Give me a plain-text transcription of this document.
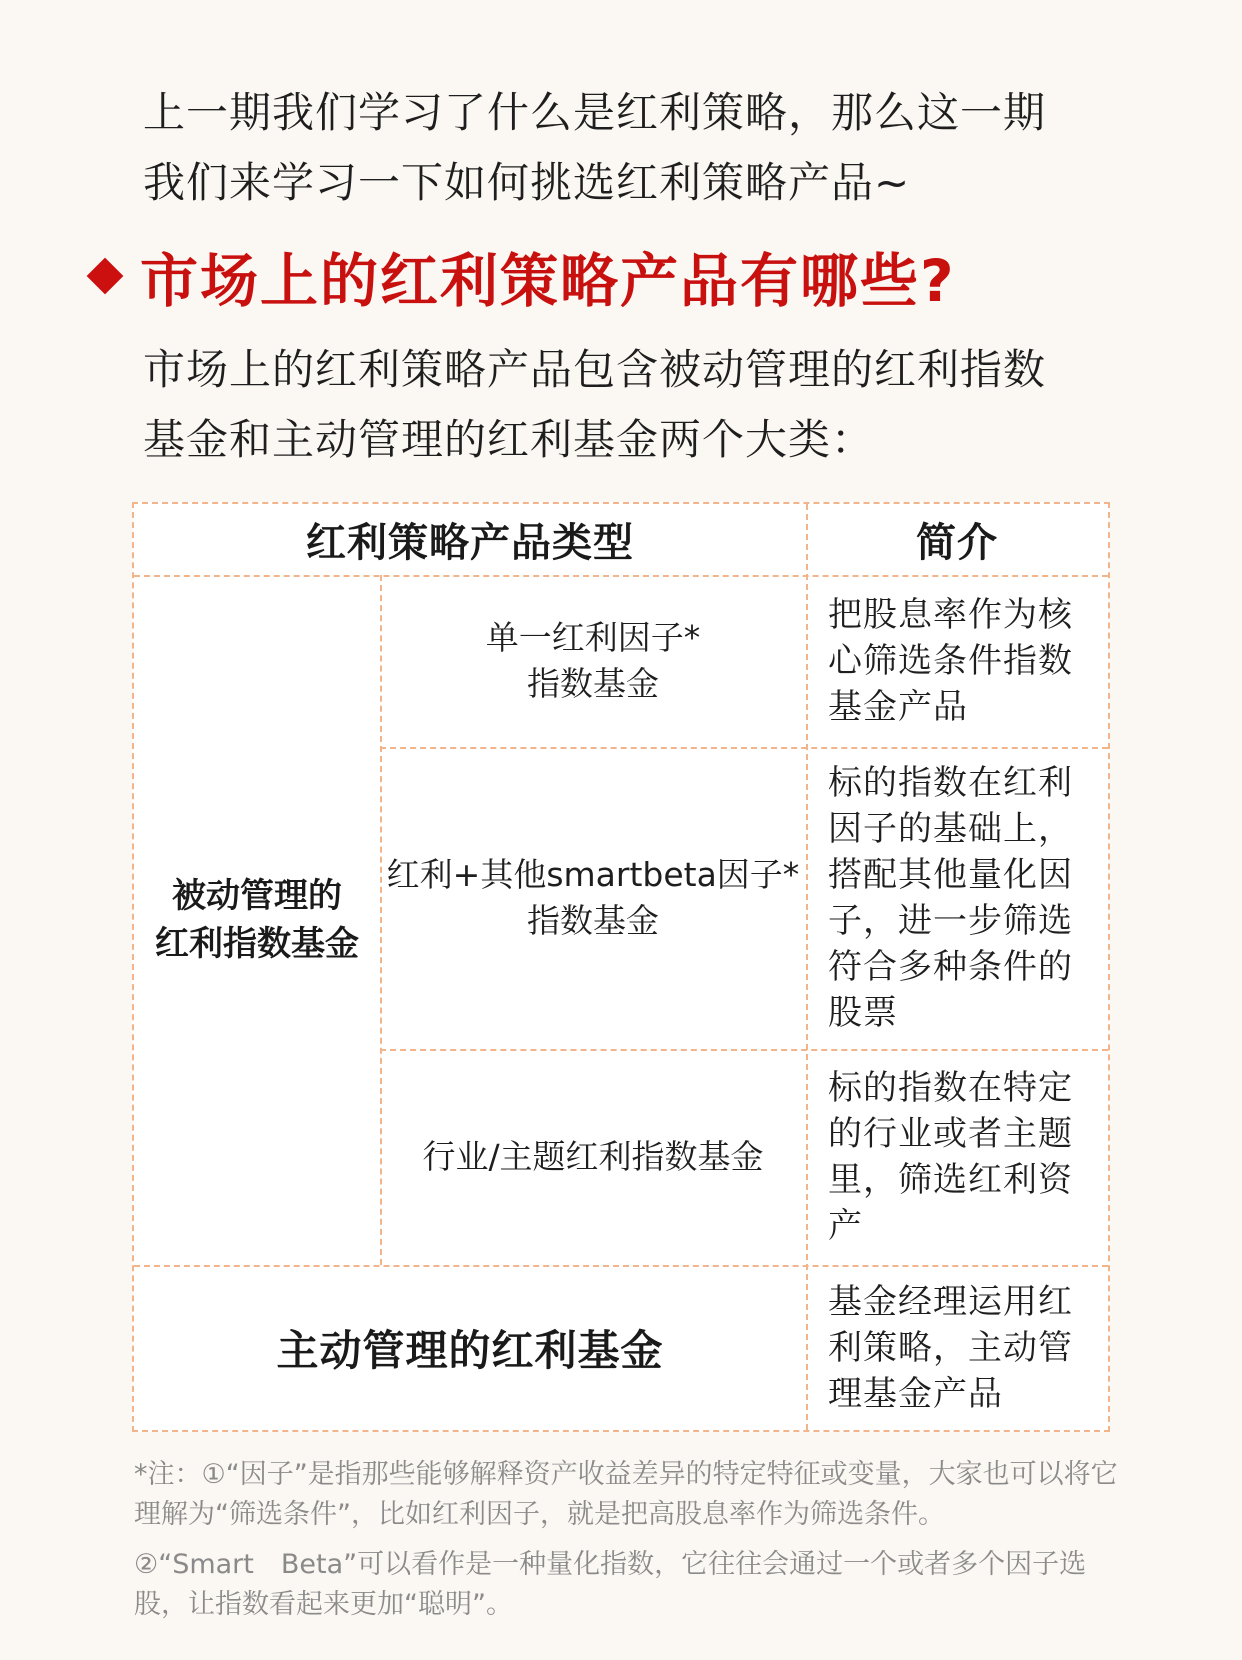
上一期我们学习了什么是红利策略，那么这一期

我们来学习一下如何挑选红利策略产品~

市场上的红利策略产品有哪些?

市场上的红利策略产品包含被动管理的红利指数

基金和主动管理的红利基金两个大类：

红利策略产品类型	简介
被动管理的
红利指数基金
单一红利因子*
指数基金
把股息率作为核心筛选条件指数基金产品
红利+其他smartbeta因子*
指数基金
标的指数在红利因子的基础上，搭配其他量化因子，进一步筛选符合多种条件的股票
行业/主题红利指数基金
标的指数在特定的行业或者主题里，筛选红利资产
主动管理的红利基金
基金经理运用红利策略，主动管理基金产品

*注：①“因子”是指那些能够解释资产收益差异的特定特征或变量，大家也可以将它理解为“筛选条件”，比如红利因子，就是把高股息率作为筛选条件。

②“Smart　Beta”可以看作是一种量化指数，它往往会通过一个或者多个因子选股，让指数看起来更加“聪明”。
